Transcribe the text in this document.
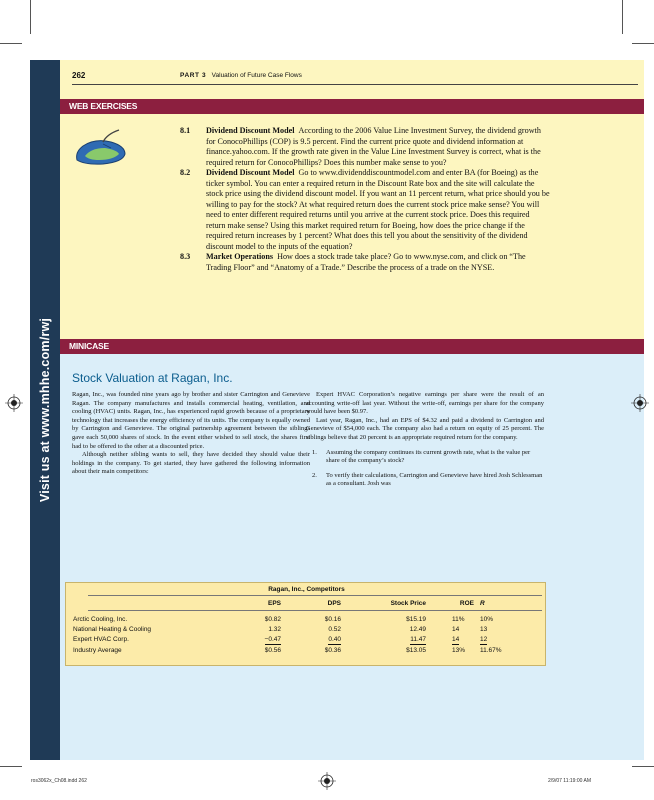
Visit us at www.mhhe.com/rwj
262	PART 3 Valuation of Future Case Flows
WEB EXERCISES
8.1 Dividend Discount Model According to the 2006 Value Line Investment Survey, the dividend growth for ConocoPhillips (COP) is 9.5 percent. Find the current price quote and dividend information at finance.yahoo.com. If the growth rate given in the Value Line Investment Survey is correct, what is the required return for ConocoPhillips? Does this number make sense to you?
8.2 Dividend Discount Model Go to www.dividenddiscountmodel.com and enter BA (for Boeing) as the ticker symbol. You can enter a required return in the Discount Rate box and the site will calculate the stock price using the dividend discount model. If you want an 11 percent return, what price should you be willing to pay for the stock? At what required return does the current stock price make sense? You will need to enter different required returns until you arrive at the current stock price. Does this required return make sense? Using this market required return for Boeing, how does the price change if the required return increases by 1 percent? What does this tell you about the sensitivity of the dividend discount model to the inputs of the equation?
8.3 Market Operations How does a stock trade take place? Go to www.nyse.com, and click on “The Trading Floor” and “Anatomy of a Trade.” Describe the process of a trade on the NYSE.
MINICASE
Stock Valuation at Ragan, Inc.

Ragan, Inc., was founded nine years ago by brother and sister Carrington and Genevieve Ragan. The company manufactures and installs commercial heating, ventilation, and cooling (HVAC) units. Ragan, Inc., has experienced rapid growth because of a proprietary technology that increases the energy efficiency of its units. The company is equally owned by Carrington and Genevieve. The original partnership agreement between the siblings gave each 50,000 shares of stock. In the event either wished to sell stock, the shares first had to be offered to the other at a discounted price.

Although neither sibling wants to sell, they have decided they should value their holdings in the company. To get started, they have gathered the following information about their main competitors:

Expert HVAC Corporation’s negative earnings per share were the result of an accounting write-off last year. Without the write-off, earnings per share for the company would have been $0.97.

Last year, Ragan, Inc., had an EPS of $4.32 and paid a dividend to Carrington and Genevieve of $54,000 each. The company also had a return on equity of 25 percent. The siblings believe that 20 percent is an appropriate required return for the company.

1. Assuming the company continues its current growth rate, what is the value per share of the company’s stock?
2. To verify their calculations, Carrington and Genevieve have hired Josh Schlessman as a consultant. Josh was
Ragan, Inc., Competitors
EPS	DPS	Stock Price	ROE R
Arctic Cooling, Inc.	$0.82	$0.16	$15.19	11% 10%
National Heating & Cooling	1.32	0.52	12.49	14	13
Expert HVAC Corp.	−0.47	0.40	11.47	14	12
Industry Average	$0.56	$0.36	$13.05	13% 11.67%
ros3062x_Ch08.indd 262	2/9/07 11:19:00 AM
